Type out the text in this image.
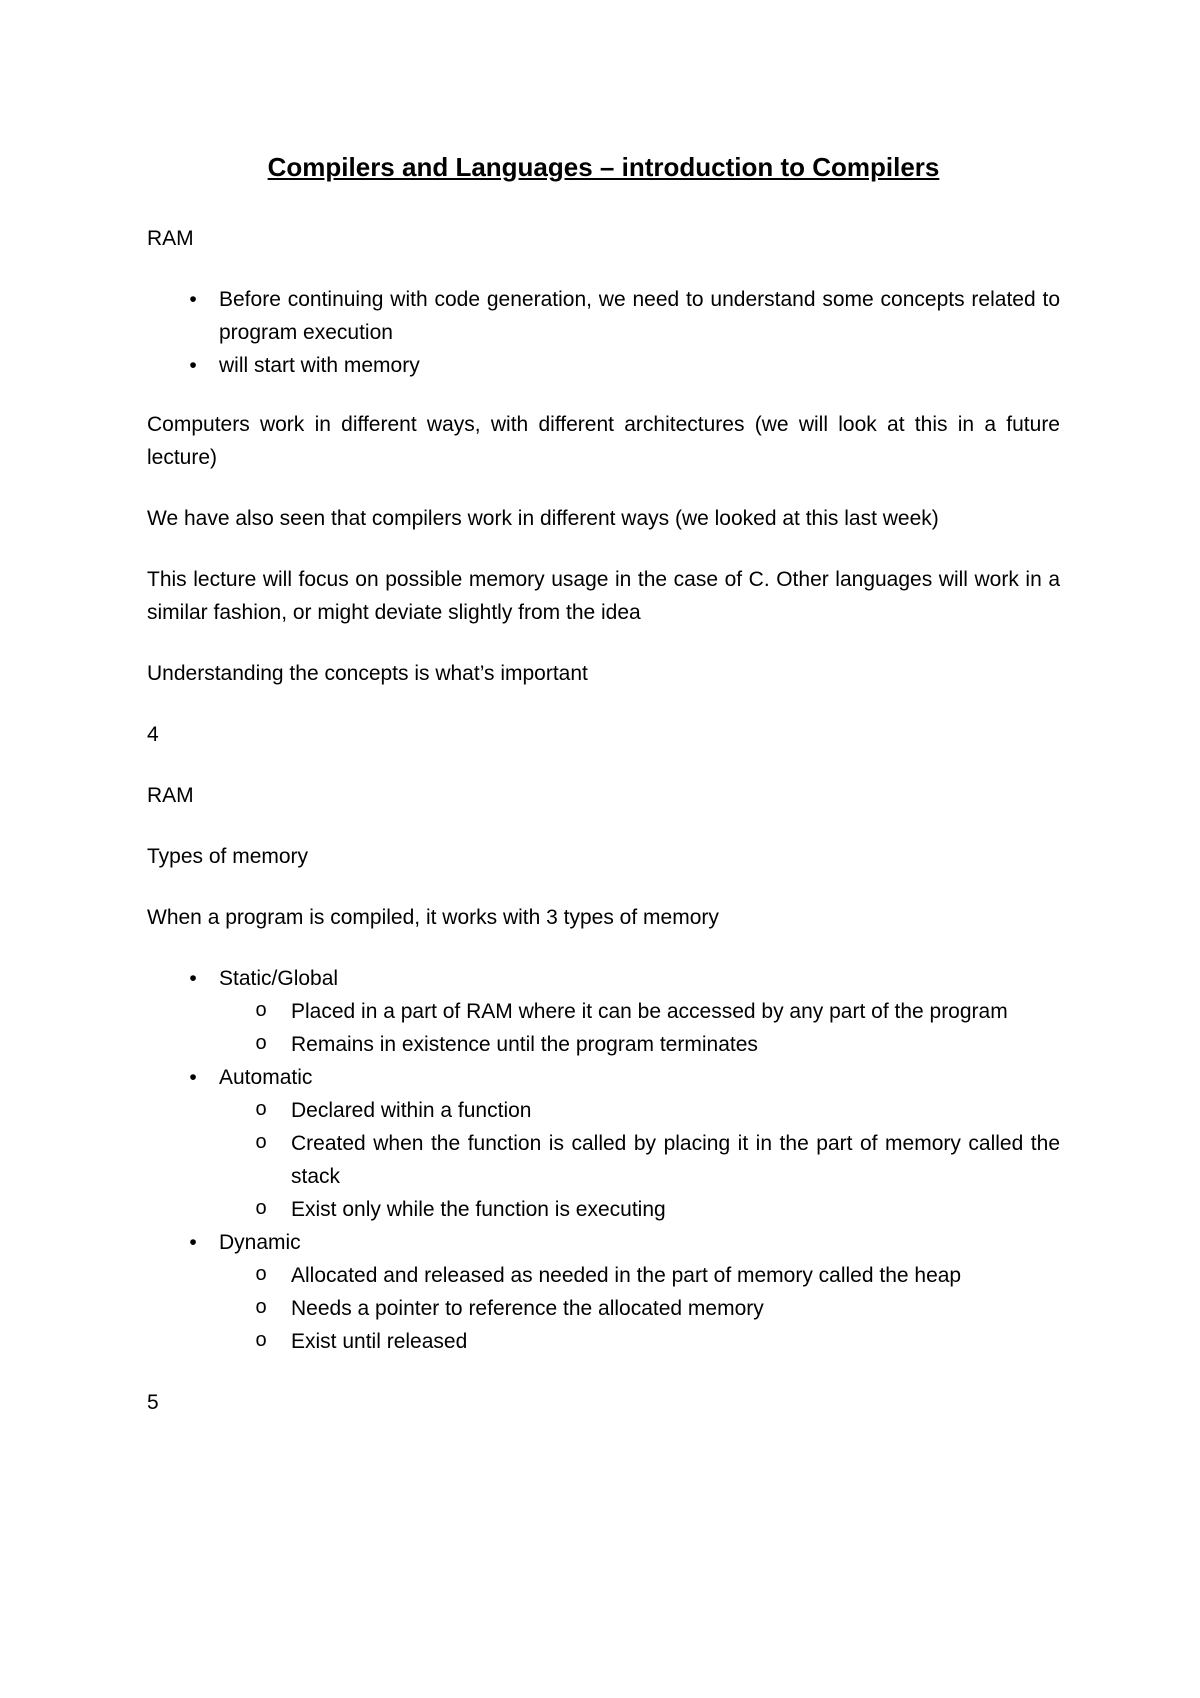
Compilers and Languages – introduction to Compilers

RAM

•	Before continuing with code generation, we need to understand some concepts related to program execution
•	will start with memory

Computers work in different ways, with different architectures (we will look at this in a future lecture)

We have also seen that compilers work in different ways (we looked at this last week)

This lecture will focus on possible memory usage in the case of C. Other languages will work in a similar fashion, or might deviate slightly from the idea

Understanding the concepts is what’s important

4

RAM

Types of memory

When a program is compiled, it works with 3 types of memory

•	Static/Global
o Placed in a part of RAM where it can be accessed by any part of the program
o Remains in existence until the program terminates
•	Automatic
o Declared within a function
o Created when the function is called by placing it in the part of memory called the stack
o Exist only while the function is executing
•	Dynamic
o Allocated and released as needed in the part of memory called the heap
o Needs a pointer to reference the allocated memory
o Exist until released

5
